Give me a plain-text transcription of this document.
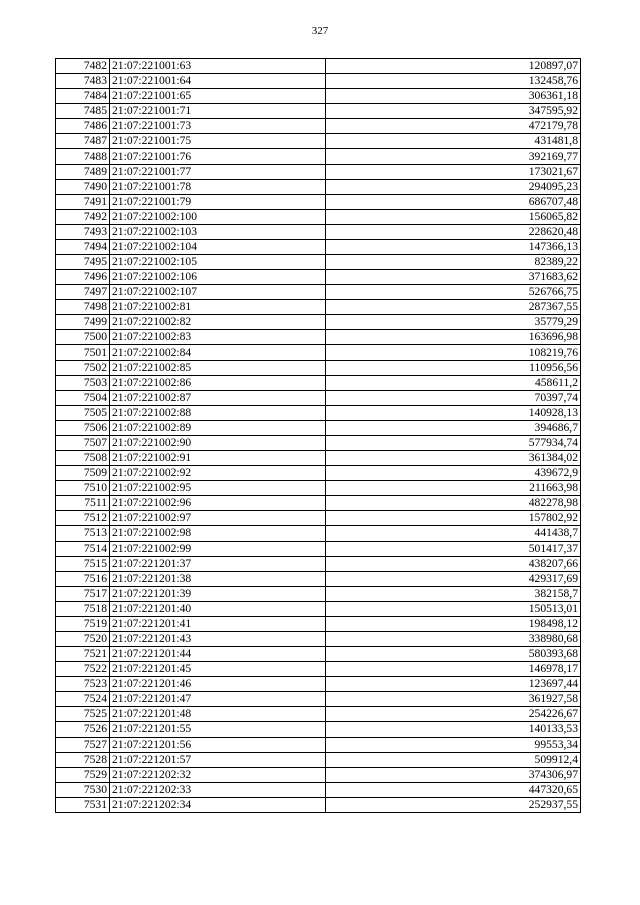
327
7482	21:07:221001:63	120897,07
7483	21:07:221001:64	132458,76
7484	21:07:221001:65	306361,18
7485	21:07:221001:71	347595,92
7486	21:07:221001:73	472179,78
7487	21:07:221001:75	431481,8
7488	21:07:221001:76	392169,77
7489	21:07:221001:77	173021,67
7490	21:07:221001:78	294095,23
7491	21:07:221001:79	686707,48
7492	21:07:221002:100	156065,82
7493	21:07:221002:103	228620,48
7494	21:07:221002:104	147366,13
7495	21:07:221002:105	82389,22
7496	21:07:221002:106	371683,62
7497	21:07:221002:107	526766,75
7498	21:07:221002:81	287367,55
7499	21:07:221002:82	35779,29
7500	21:07:221002:83	163696,98
7501	21:07:221002:84	108219,76
7502	21:07:221002:85	110956,56
7503	21:07:221002:86	458611,2
7504	21:07:221002:87	70397,74
7505	21:07:221002:88	140928,13
7506	21:07:221002:89	394686,7
7507	21:07:221002:90	577934,74
7508	21:07:221002:91	361384,02
7509	21:07:221002:92	439672,9
7510	21:07:221002:95	211663,98
7511	21:07:221002:96	482278,98
7512	21:07:221002:97	157802,92
7513	21:07:221002:98	441438,7
7514	21:07:221002:99	501417,37
7515	21:07:221201:37	438207,66
7516	21:07:221201:38	429317,69
7517	21:07:221201:39	382158,7
7518	21:07:221201:40	150513,01
7519	21:07:221201:41	198498,12
7520	21:07:221201:43	338980,68
7521	21:07:221201:44	580393,68
7522	21:07:221201:45	146978,17
7523	21:07:221201:46	123697,44
7524	21:07:221201:47	361927,58
7525	21:07:221201:48	254226,67
7526	21:07:221201:55	140133,53
7527	21:07:221201:56	99553,34
7528	21:07:221201:57	509912,4
7529	21:07:221202:32	374306,97
7530	21:07:221202:33	447320,65
7531	21:07:221202:34	252937,55
